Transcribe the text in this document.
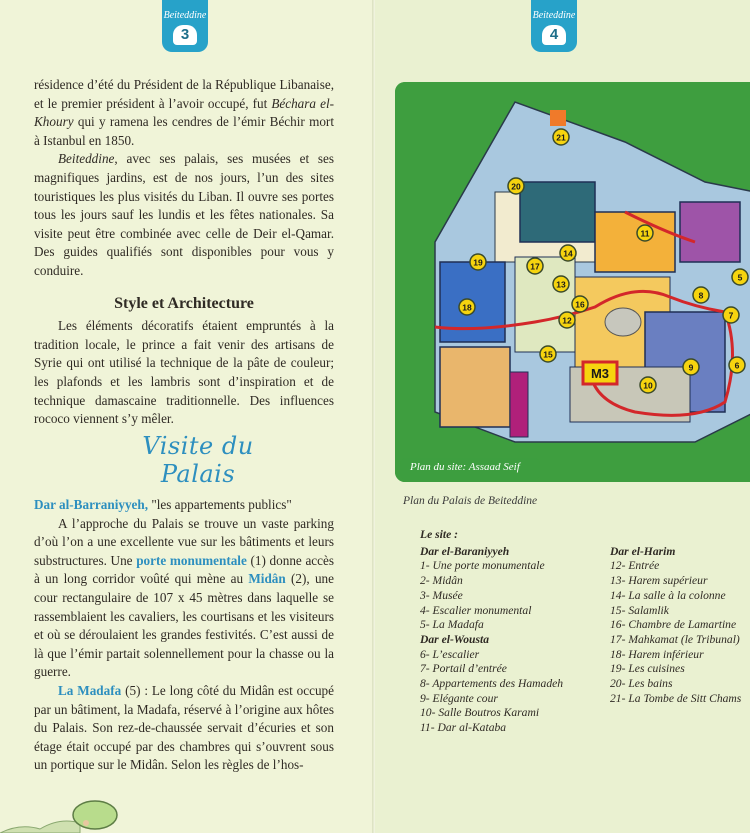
Beiteddine
3

résidence d’été du Président de la République Libanaise, et le premier président à l’avoir occupé, fut Béchara el-Khoury qui y ramena les cendres de l’émir Béchir mort à Istanbul en 1850.

Beiteddine, avec ses palais, ses musées et ses magnifiques jardins, est de nos jours, l’un des sites touristiques les plus visités du Liban. Il ouvre ses portes tous les jours sauf les lundis et les fêtes nationales. Sa visite peut être combinée avec celle de Deir el-Qamar. Des guides qualifiés sont disponibles pour vous y conduire.

Style et Architecture

Les éléments décoratifs étaient empruntés à la tradition locale, le prince a fait venir des artisans de Syrie qui ont utilisé la technique de la pâte de couleur; les plafonds et les lambris sont d’inspiration et de technique damascaine traditionnelle. Des influences rococo viennent s’y mêler.

Visite du Palais

Dar al-Barraniyyeh, "les appartements publics"

A l’approche du Palais se trouve un vaste parking d’où l’on a une excellente vue sur les bâtiments et leurs substructures. Une porte monumentale (1) donne accès à un long corridor voûté qui mène au Midân (2), une cour rectangulaire de 107 x 45 mètres dans laquelle se rassemblaient les cavaliers, les courtisans et les visiteurs et où se déroulaient les grandes festivités. C’est aussi de là que l’émir partait solennellement pour la chasse ou la guerre.

La Madafa (5) : Le long côté du Midân est occupé par un bâtiment, la Madafa, réservé à l’origine aux hôtes du Palais. Son rez-de-chaussée servait d’écuries et son étage était occupé par des chambres qui s’ouvrent sous un portique sur le Midân. Selon les règles de l’hos-

Beiteddine
4
M3
5
6
7
8
9
10
11
12
13
14
15
16
17
18
19
20
21
Plan du site: Assaad Seif
Plan du Palais de Beiteddine
Le site :
Dar el-Baraniyyeh
1- Une porte monumentale
2- Midân
3- Musée
4- Escalier monumental
5- La Madafa
Dar el-Wousta
6- L’escalier
7- Portail d’entrée
8- Appartements des Hamadeh
9- Elégante cour
10- Salle Boutros Karami
11- Dar al-Kataba
Dar el-Harim
12- Entrée
13- Harem supérieur
14- La salle à la colonne
15- Salamlik
16- Chambre de Lamartine
17- Mahkamat (le Tribunal)
18- Harem inférieur
19- Les cuisines
20- Les bains
21- La Tombe de Sitt Chams
